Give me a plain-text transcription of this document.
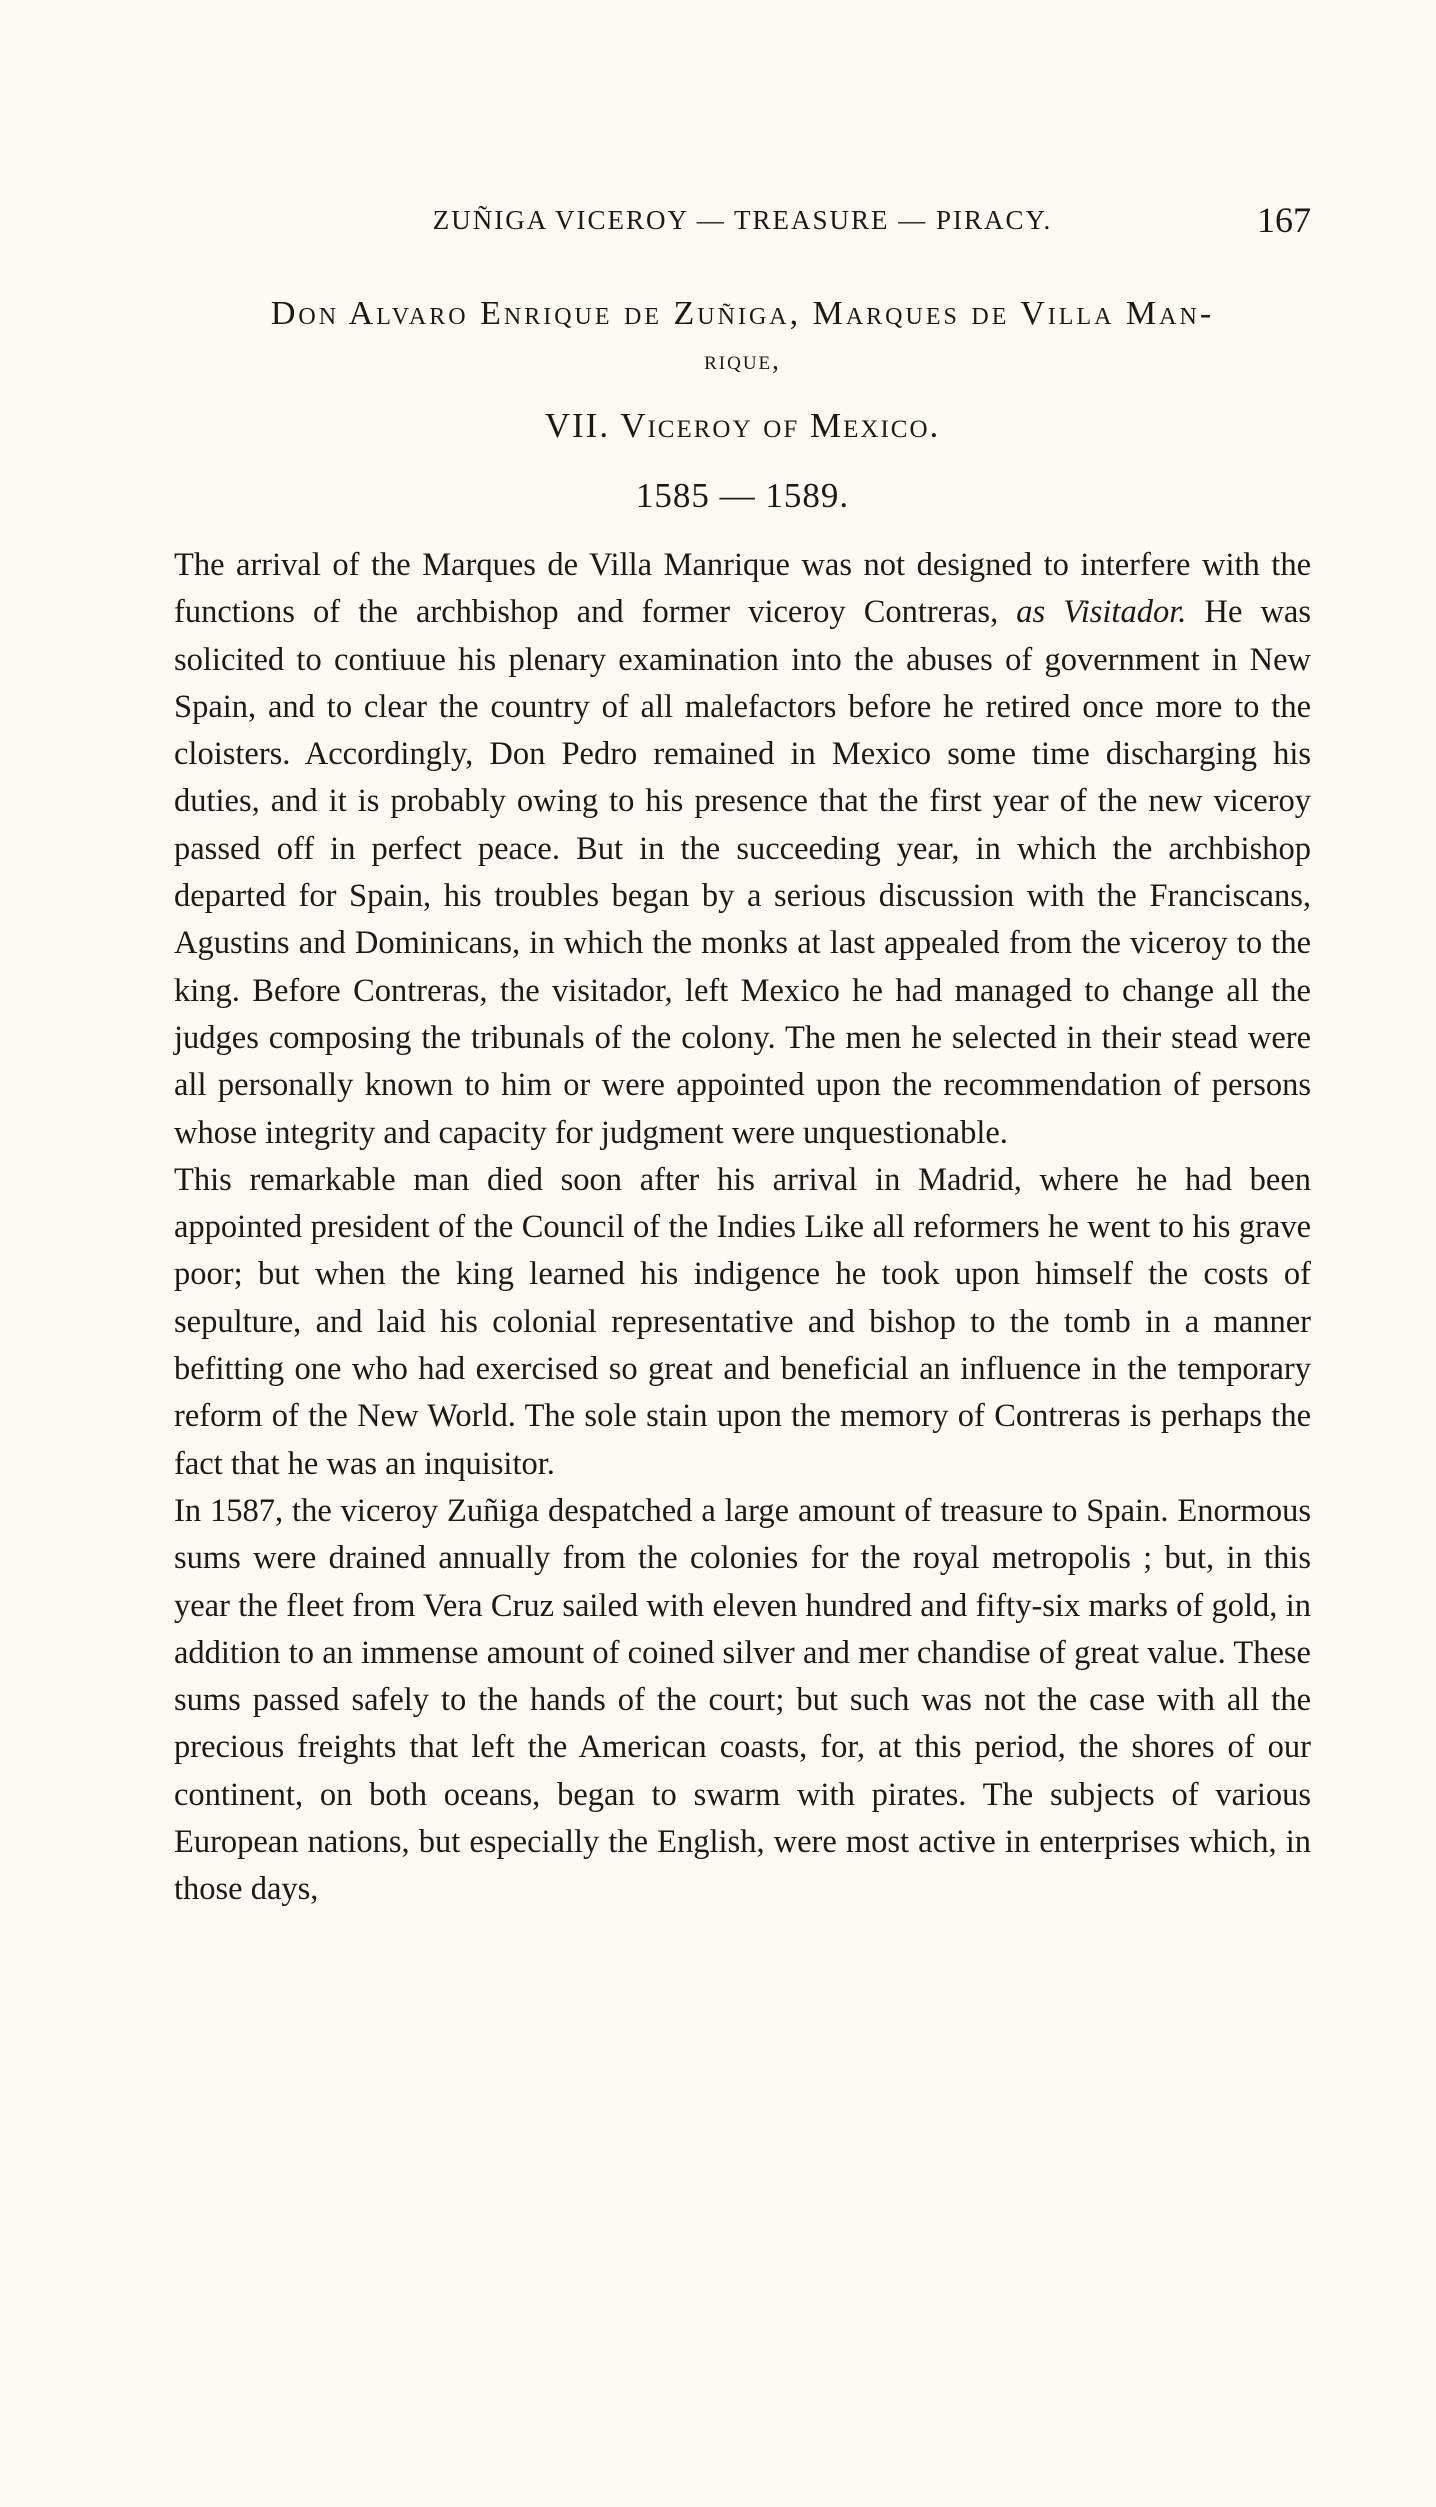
ZUÑIGA VICEROY — TREASURE — PIRACY.	167
Don Alvaro Enrique de Zuñiga, Marques de Villa Man-
rique,
VII. Viceroy of Mexico.
1585 — 1589.

The arrival of the Marques de Villa Manrique was not designed to interfere with the functions of the archbishop and former viceroy Contreras, as Visitador. He was solicited to contiuue his plenary examination into the abuses of government in New Spain, and to clear the country of all malefactors before he retired once more to the cloisters. Accordingly, Don Pedro remained in Mexico some time discharging his duties, and it is probably owing to his presence that the first year of the new viceroy passed off in perfect peace. But in the succeeding year, in which the archbishop departed for Spain, his troubles began by a serious discussion with the Franciscans, Agustins and Dominicans, in which the monks at last appealed from the viceroy to the king. Before Contreras, the visitador, left Mexico he had managed to change all the judges composing the tribunals of the colony. The men he selected in their stead were all personally known to him or were appointed upon the recommendation of persons whose integrity and capacity for judgment were unquestionable.

This remarkable man died soon after his arrival in Madrid, where he had been appointed president of the Council of the Indies Like all reformers he went to his grave poor; but when the king learned his indigence he took upon himself the costs of sepulture, and laid his colonial representative and bishop to the tomb in a manner befitting one who had exercised so great and beneficial an influence in the temporary reform of the New World. The sole stain upon the memory of Contreras is perhaps the fact that he was an inquisitor.

In 1587, the viceroy Zuñiga despatched a large amount of treasure to Spain. Enormous sums were drained annually from the colonies for the royal metropolis ; but, in this year the fleet from Vera Cruz sailed with eleven hundred and fifty-six marks of gold, in addition to an immense amount of coined silver and mer chandise of great value. These sums passed safely to the hands of the court; but such was not the case with all the precious freights that left the American coasts, for, at this period, the shores of our continent, on both oceans, began to swarm with pirates. The subjects of various European nations, but especially the English, were most active in enterprises which, in those days,
